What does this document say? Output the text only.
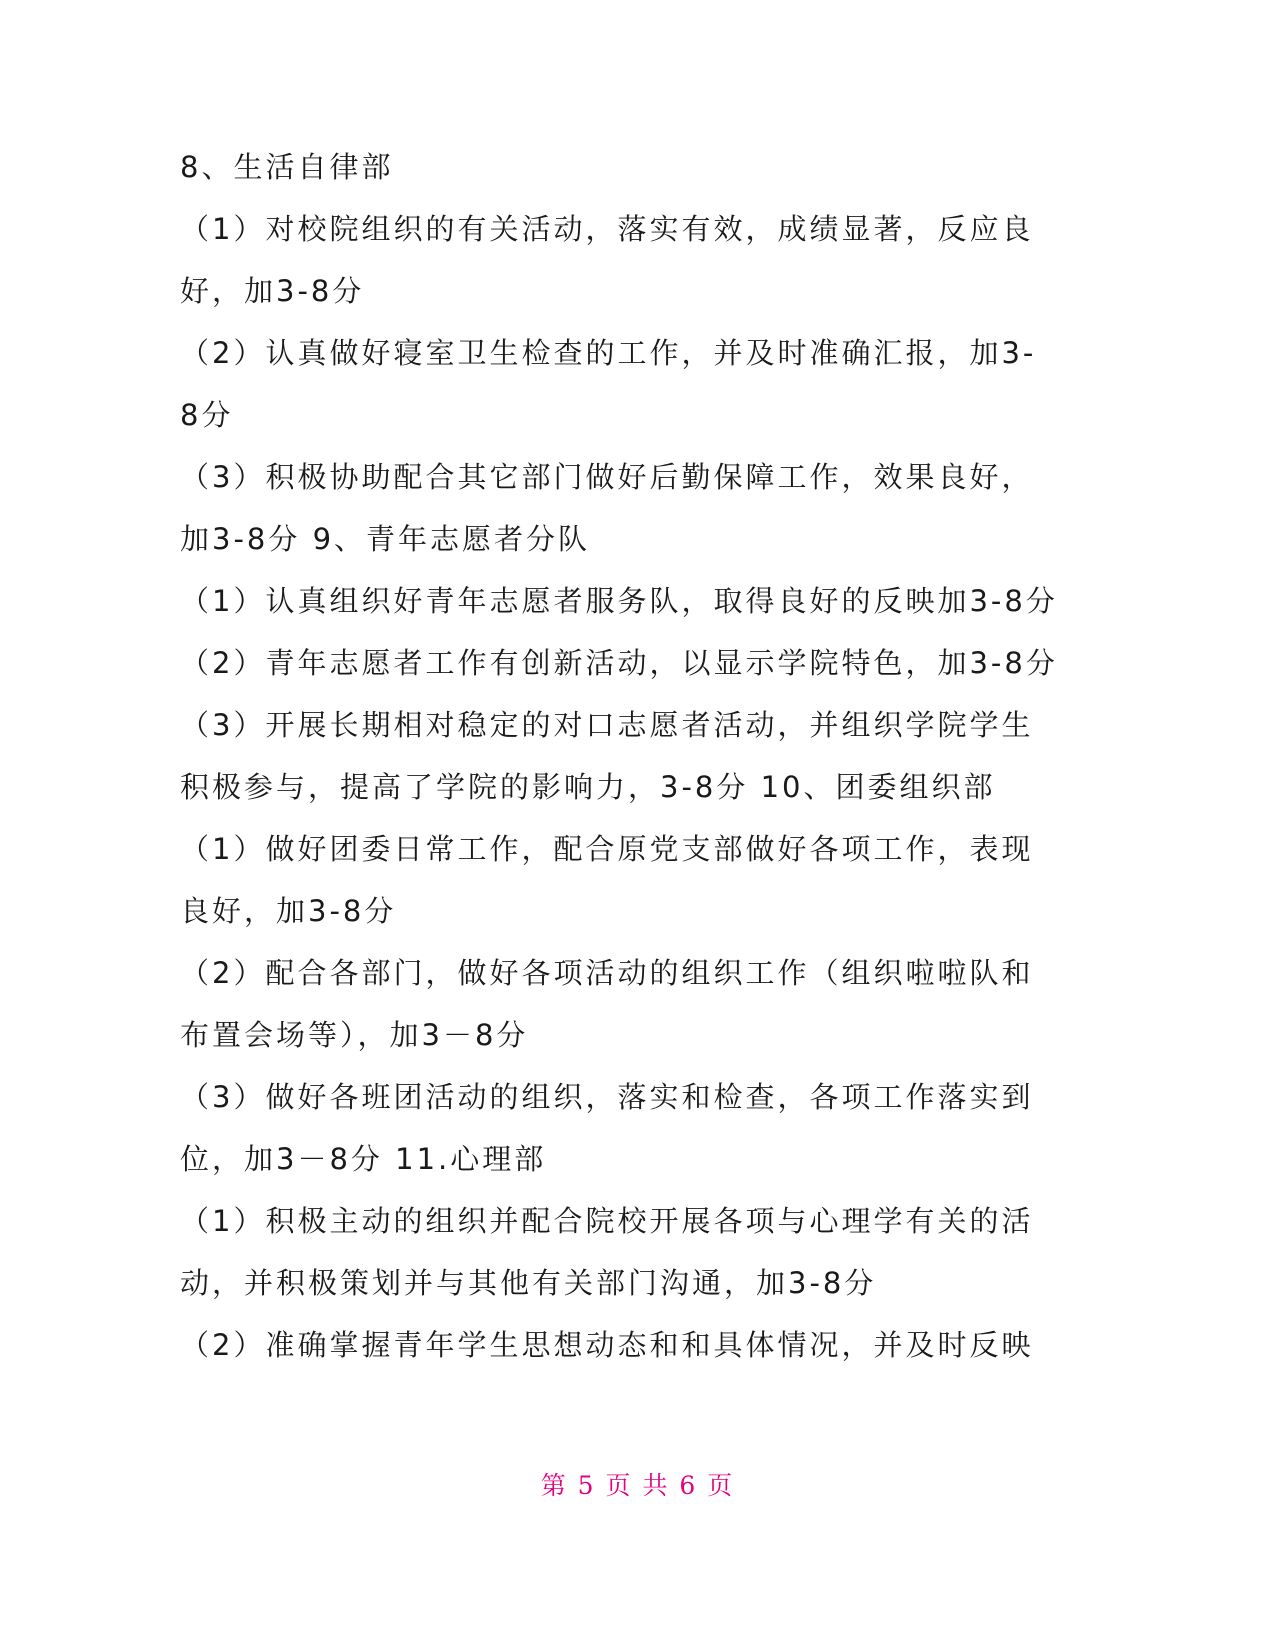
8、生活自律部
（1）对校院组织的有关活动，落实有效，成绩显著，反应良
好，加3-8分
（2）认真做好寝室卫生检查的工作，并及时准确汇报，加3-
8分
（3）积极协助配合其它部门做好后勤保障工作，效果良好，
加3-8分 9、青年志愿者分队
（1）认真组织好青年志愿者服务队，取得良好的反映加3-8分
（2）青年志愿者工作有创新活动，以显示学院特色，加3-8分
（3）开展长期相对稳定的对口志愿者活动，并组织学院学生
积极参与，提高了学院的影响力，3-8分 10、团委组织部
（1）做好团委日常工作，配合原党支部做好各项工作，表现
良好，加3-8分
（2）配合各部门，做好各项活动的组织工作（组织啦啦队和
布置会场等），加3－8分
（3）做好各班团活动的组织，落实和检查，各项工作落实到
位，加3－8分 11.心理部
（1）积极主动的组织并配合院校开展各项与心理学有关的活
动，并积极策划并与其他有关部门沟通，加3-8分
（2）准确掌握青年学生思想动态和和具体情况，并及时反映
第 5 页 共 6 页
